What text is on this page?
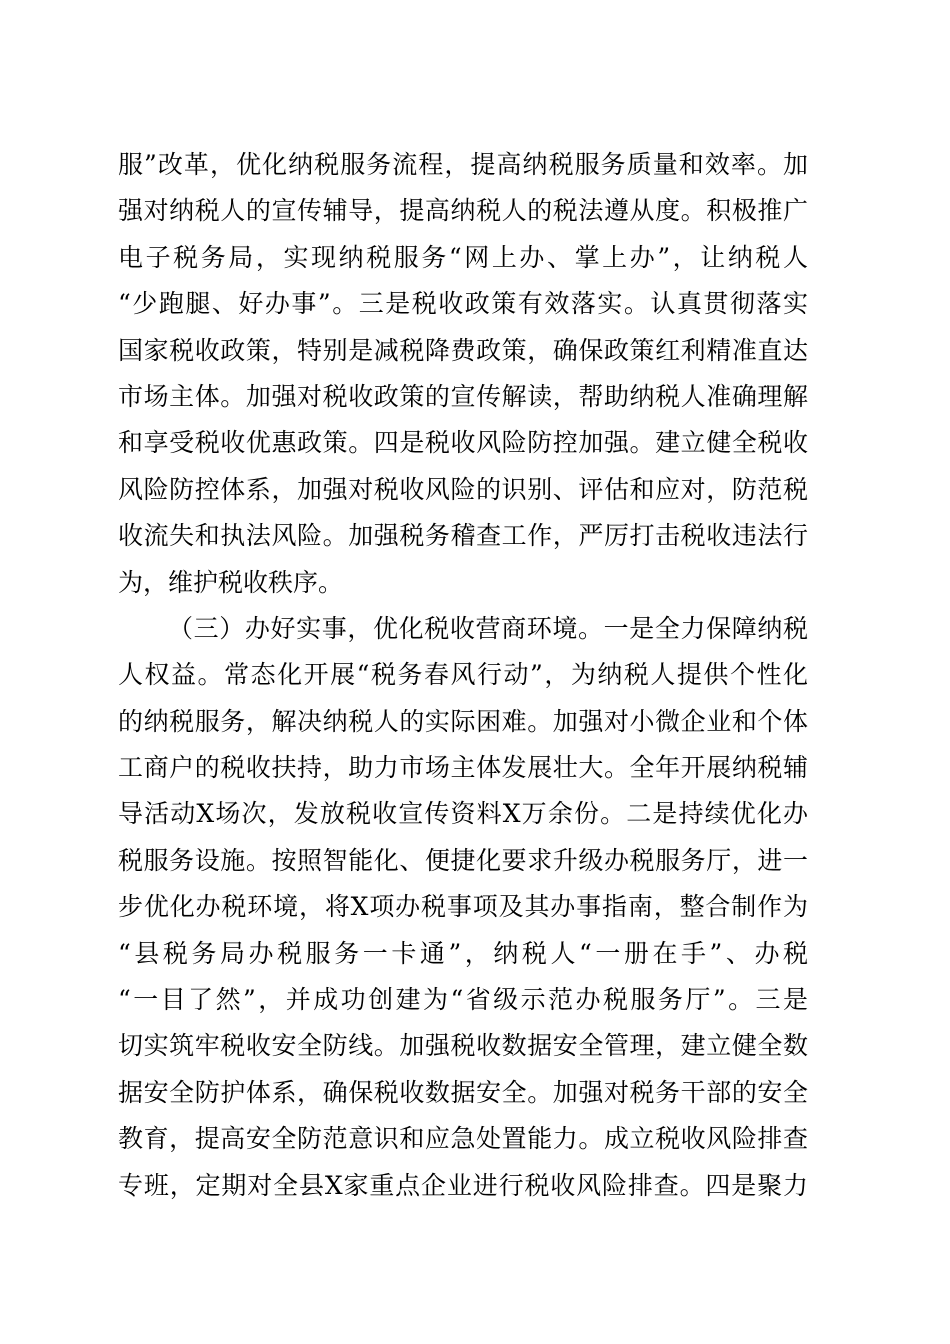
服”改革，优化纳税服务流程，提高纳税服务质量和效率。加
强对纳税人的宣传辅导，提高纳税人的税法遵从度。积极推广
电子税务局，实现纳税服务“网上办、掌上办”，让纳税人
“少跑腿、好办事”。三是税收政策有效落实。认真贯彻落实
国家税收政策，特别是减税降费政策，确保政策红利精准直达
市场主体。加强对税收政策的宣传解读，帮助纳税人准确理解
和享受税收优惠政策。四是税收风险防控加强。建立健全税收
风险防控体系，加强对税收风险的识别、评估和应对，防范税
收流失和执法风险。加强税务稽查工作，严厉打击税收违法行
为，维护税收秩序。
（三）办好实事，优化税收营商环境。一是全力保障纳税
人权益。常态化开展“税务春风行动”，为纳税人提供个性化
的纳税服务，解决纳税人的实际困难。加强对小微企业和个体
工商户的税收扶持，助力市场主体发展壮大。全年开展纳税辅
导活动X场次，发放税收宣传资料X万余份。二是持续优化办
税服务设施。按照智能化、便捷化要求升级办税服务厅，进一
步优化办税环境，将X项办税事项及其办事指南，整合制作为
“县税务局办税服务一卡通”，纳税人“一册在手”、办税
“一目了然”，并成功创建为“省级示范办税服务厅”。三是
切实筑牢税收安全防线。加强税收数据安全管理，建立健全数
据安全防护体系，确保税收数据安全。加强对税务干部的安全
教育，提高安全防范意识和应急处置能力。成立税收风险排查
专班，定期对全县X家重点企业进行税收风险排查。四是聚力
